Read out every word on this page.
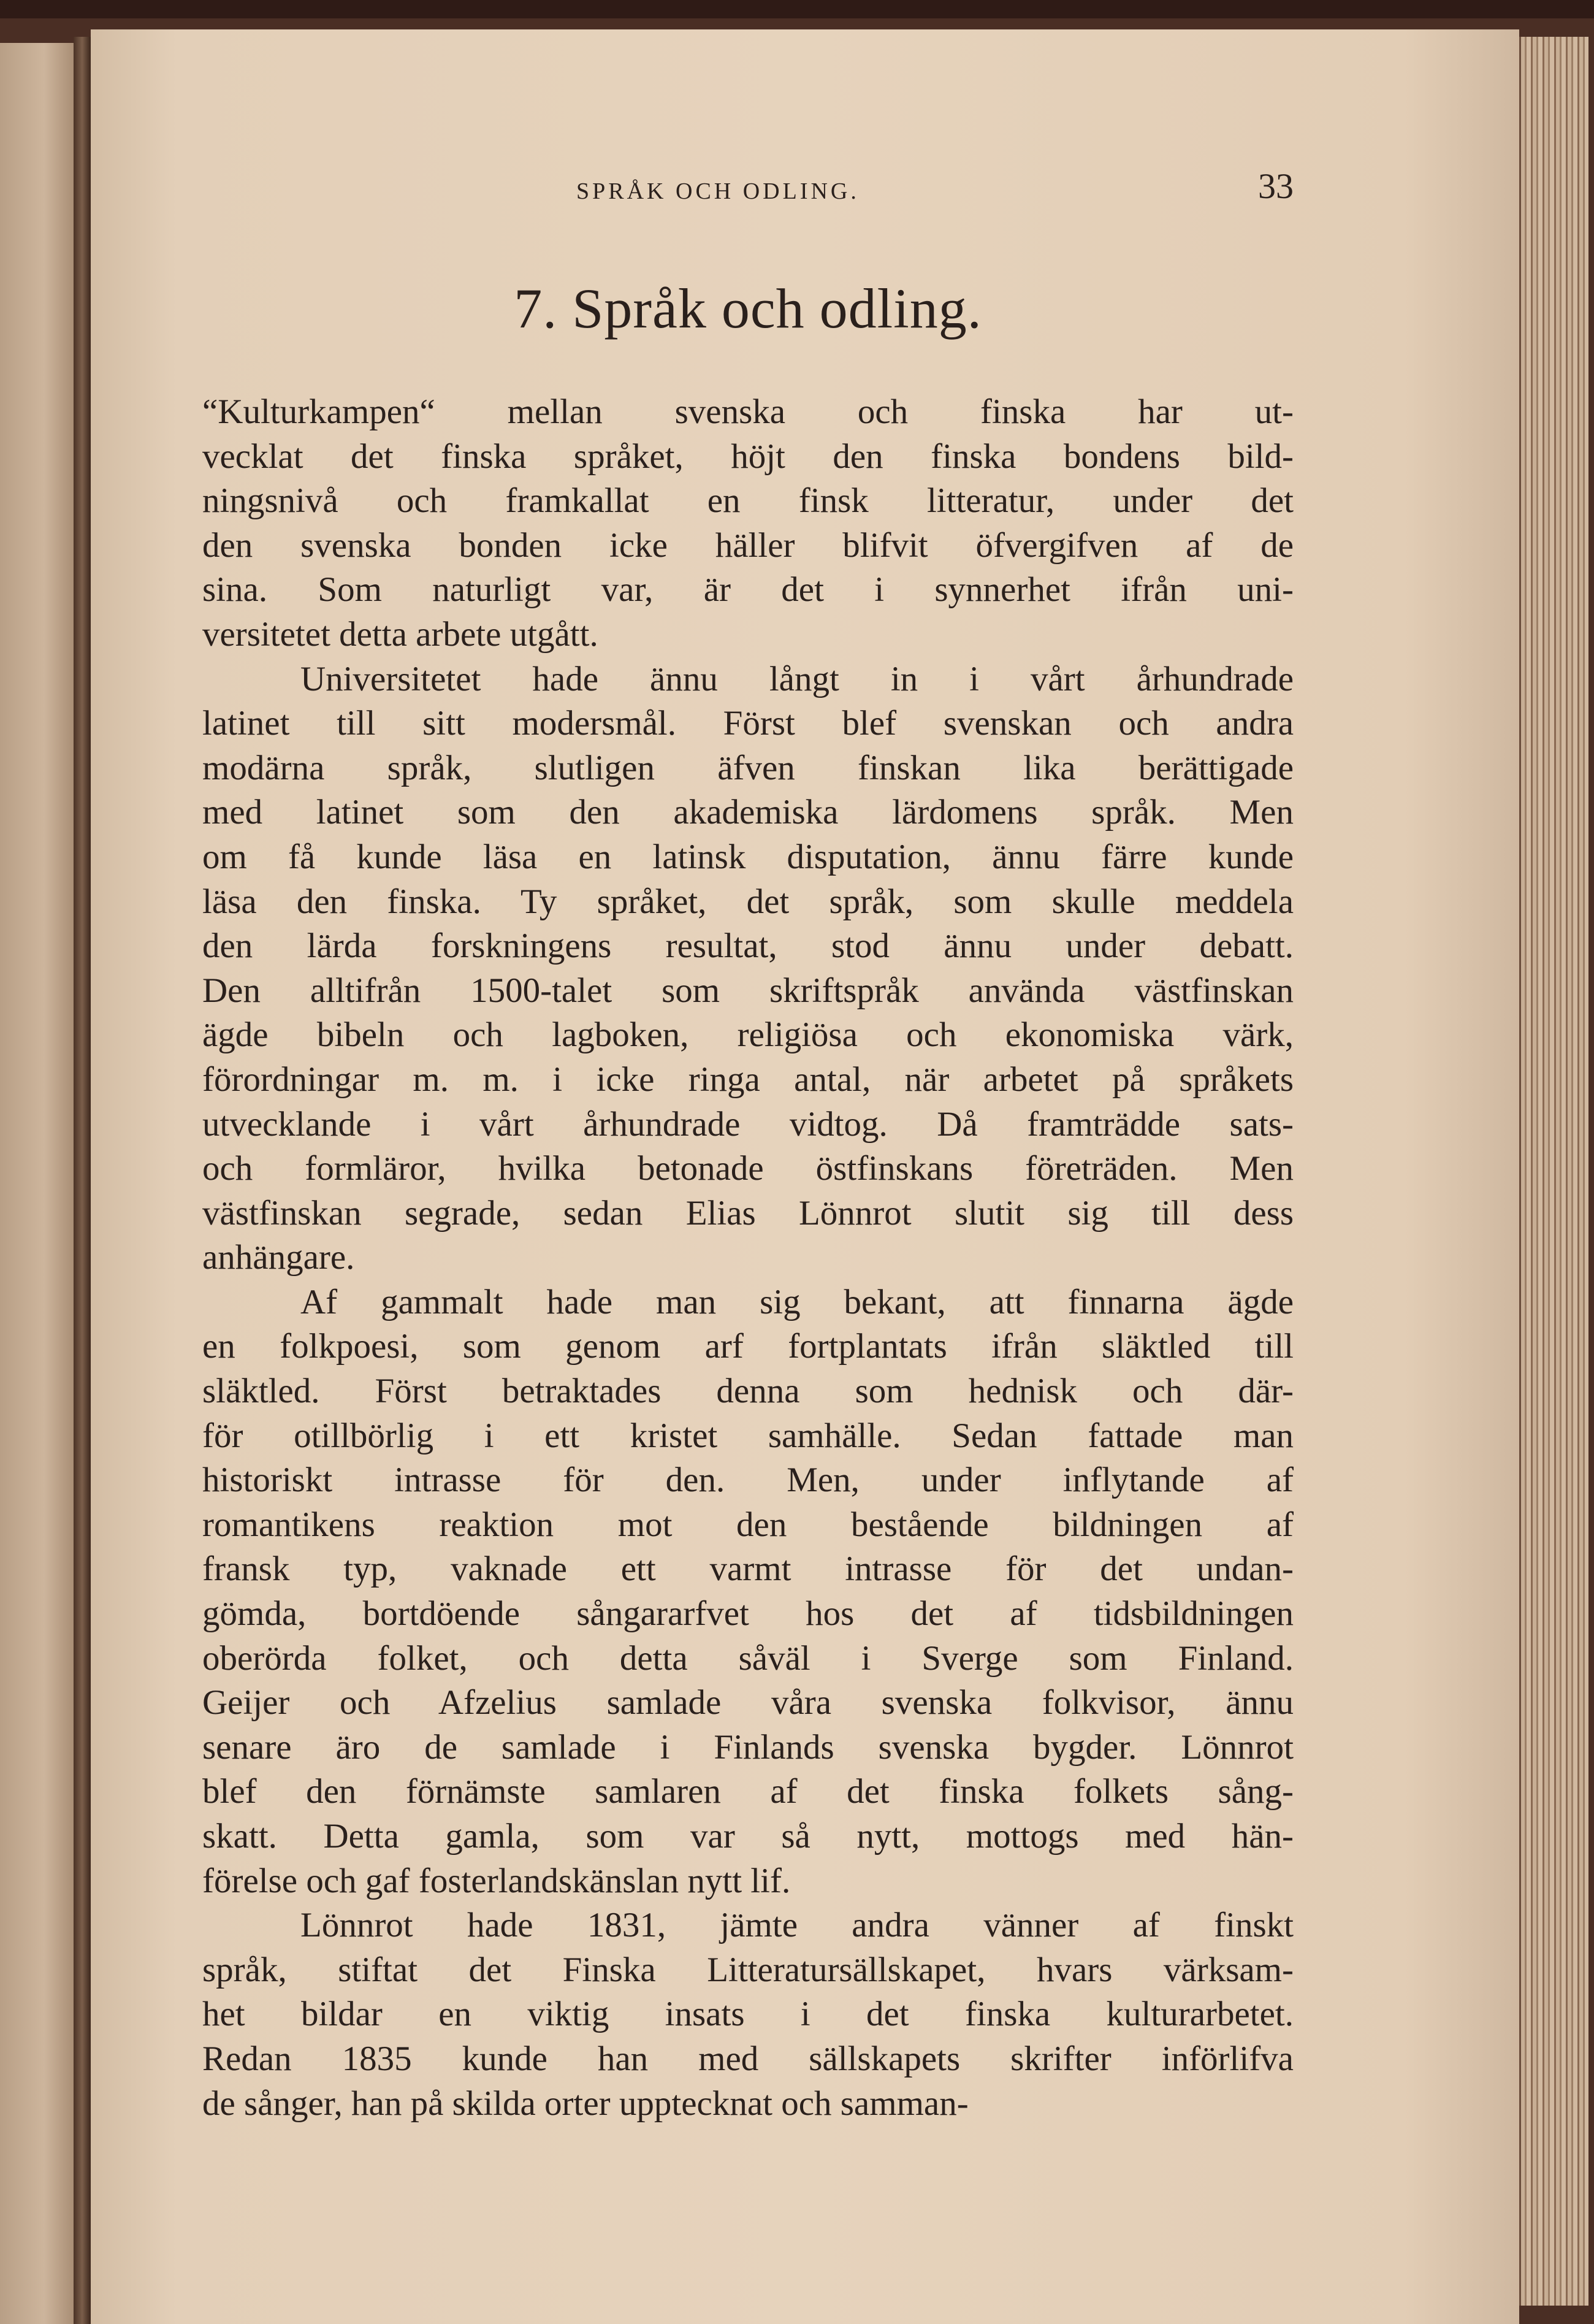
SPRÅK OCH ODLING.	33
7. Språk och odling.
“Kulturkampen“ mellan svenska och finska har ut-
vecklat det finska språket, höjt den finska bondens bild-
ningsnivå och framkallat en finsk litteratur, under det
den svenska bonden icke häller blifvit öfvergifven af de
sina. Som naturligt var, är det i synnerhet ifrån uni-
versitetet detta arbete utgått.
Universitetet hade ännu långt in i vårt århundrade
latinet till sitt modersmål. Först blef svenskan och andra
modärna språk, slutligen äfven finskan lika berättigade
med latinet som den akademiska lärdomens språk. Men
om få kunde läsa en latinsk disputation, ännu färre kunde
läsa den finska. Ty språket, det språk, som skulle meddela
den lärda forskningens resultat, stod ännu under debatt.
Den alltifrån 1500-talet som skriftspråk använda västfinskan
ägde bibeln och lagboken, religiösa och ekonomiska värk,
förordningar m. m. i icke ringa antal, när arbetet på språkets
utvecklande i vårt århundrade vidtog. Då framträdde sats-
och formläror, hvilka betonade östfinskans företräden. Men
västfinskan segrade, sedan Elias Lönnrot slutit sig till dess
anhängare.
Af gammalt hade man sig bekant, att finnarna ägde
en folkpoesi, som genom arf fortplantats ifrån släktled till
släktled. Först betraktades denna som hednisk och där-
för otillbörlig i ett kristet samhälle. Sedan fattade man
historiskt intrasse för den. Men, under inflytande af
romantikens reaktion mot den bestående bildningen af
fransk typ, vaknade ett varmt intrasse för det undan-
gömda, bortdöende sångararfvet hos det af tidsbildningen
oberörda folket, och detta såväl i Sverge som Finland.
Geijer och Afzelius samlade våra svenska folkvisor, ännu
senare äro de samlade i Finlands svenska bygder. Lönnrot
blef den förnämste samlaren af det finska folkets sång-
skatt. Detta gamla, som var så nytt, mottogs med hän-
förelse och gaf fosterlandskänslan nytt lif.
Lönnrot hade 1831, jämte andra vänner af finskt
språk, stiftat det Finska Litteratursällskapet, hvars värksam-
het bildar en viktig insats i det finska kulturarbetet.
Redan 1835 kunde han med sällskapets skrifter införlifva
de sånger, han på skilda orter upptecknat och samman-
